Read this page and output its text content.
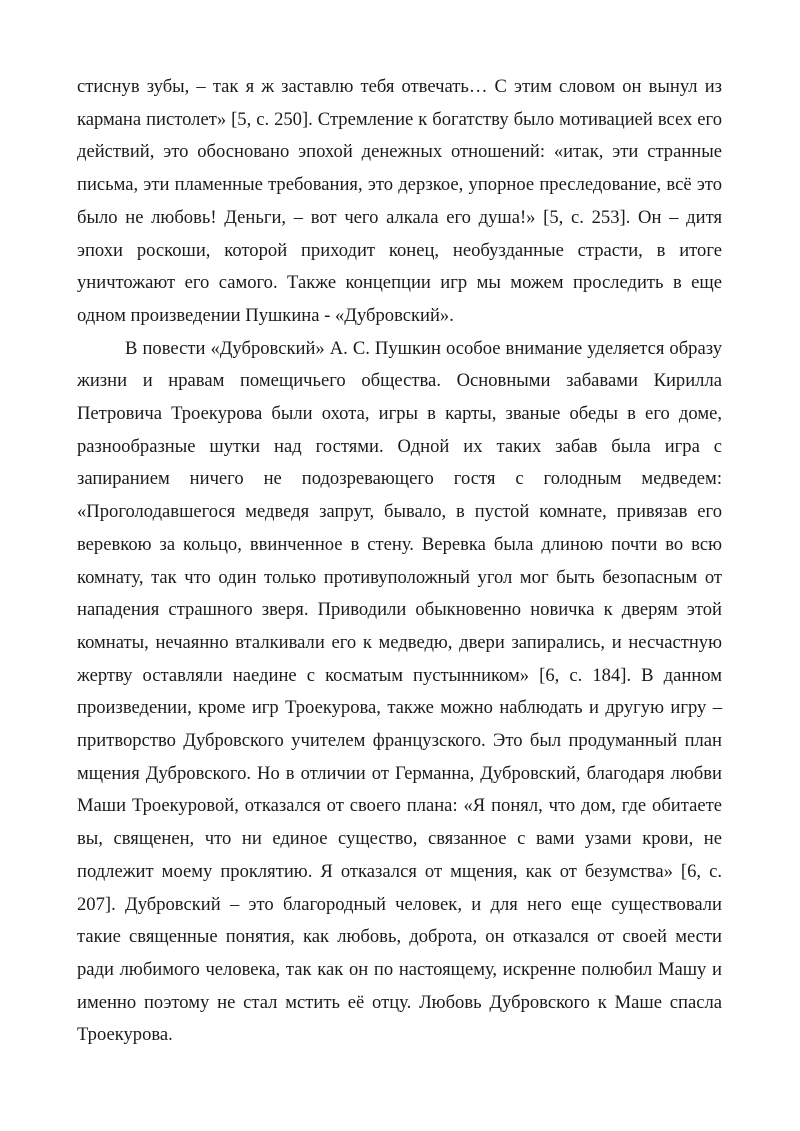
стиснув зубы, – так я ж заставлю тебя отвечать… С этим словом он вынул из кармана пистолет» [5, с. 250]. Стремление к богатству было мотивацией всех его действий, это обосновано эпохой денежных отношений: «итак, эти странные письма, эти пламенные требования, это дерзкое, упорное преследование, всё это было не любовь! Деньги, – вот чего алкала его душа!» [5, с. 253]. Он – дитя эпохи роскоши, которой приходит конец, необузданные страсти, в итоге уничтожают его самого. Также концепции игр мы можем проследить в еще одном произведении Пушкина - «Дубровский».

В повести «Дубровский» А. С. Пушкин особое внимание уделяется образу жизни и нравам помещичьего общества. Основными забавами Кирилла Петровича Троекурова были охота, игры в карты, званые обеды в его доме, разнообразные шутки над гостями. Одной их таких забав была игра с запиранием ничего не подозревающего гостя с голодным медведем: «Проголодавшегося медведя запрут, бывало, в пустой комнате, привязав его веревкою за кольцо, ввинченное в стену. Веревка была длиною почти во всю комнату, так что один только противуположный угол мог быть безопасным от нападения страшного зверя. Приводили обыкновенно новичка к дверям этой комнаты, нечаянно вталкивали его к медведю, двери запирались, и несчастную жертву оставляли наедине с косматым пустынником» [6, с. 184]. В данном произведении, кроме игр Троекурова, также можно наблюдать и другую игру – притворство Дубровского учителем французского. Это был продуманный план мщения Дубровского. Но в отличии от Германна, Дубровский, благодаря любви Маши Троекуровой, отказался от своего плана: «Я понял, что дом, где обитаете вы, священен, что ни единое существо, связанное с вами узами крови, не подлежит моему проклятию. Я отказался от мщения, как от безумства» [6, с. 207]. Дубровский – это благородный человек, и для него еще существовали такие священные понятия, как любовь, доброта, он отказался от своей мести ради любимого человека, так как он по настоящему, искренне полюбил Машу и именно поэтому не стал мстить её отцу. Любовь Дубровского к Маше спасла Троекурова.
